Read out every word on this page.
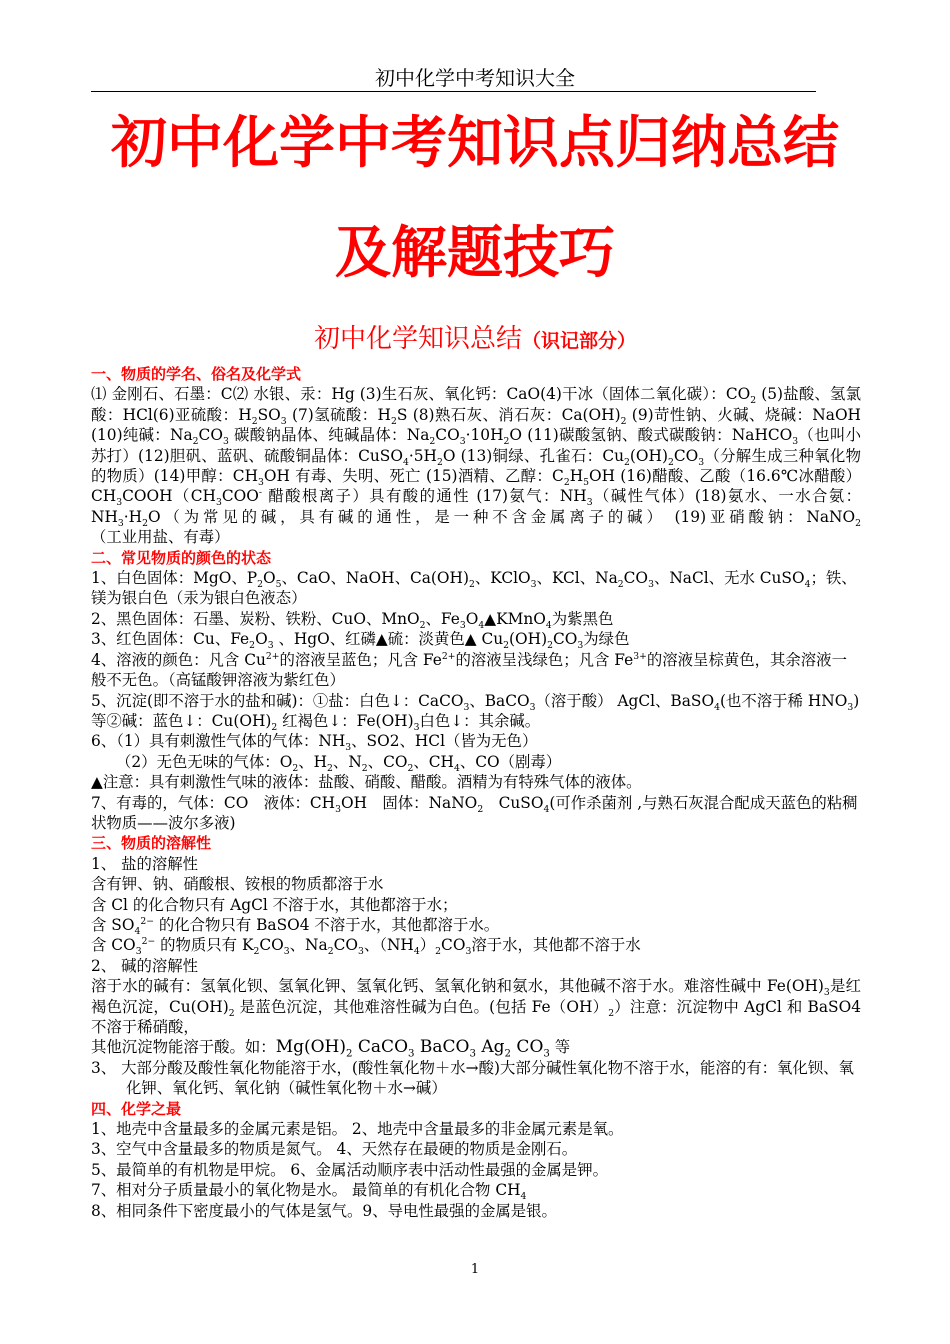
初中化学中考知识大全
初中化学中考知识点归纳总结
及解题技巧
初中化学知识总结（识记部分）

一、物质的学名、俗名及化学式

⑴ 金刚石、石墨：C⑵ 水银、汞：Hg (3)生石灰、氧化钙：CaO(4)干冰（固体二氧化碳）：$CO_2$ (5)盐酸、氢氯酸：HCl(6)亚硫酸：$H_2SO_3$ (7)氢硫酸：$H_2S$ (8)熟石灰、消石灰：$Ca(OH)_2$ (9)苛性钠、火碱、烧碱：NaOH (10)纯碱：$Na_2CO_3$ 碳酸钠晶体、纯碱晶体：$Na_2CO_3\cdot 10H_2O$ (11)碳酸氢钠、酸式碳酸钠：NaHCO$_3$（也叫小苏打）(12)胆矾、蓝矾、硫酸铜晶体：$CuSO_4\cdot 5H_2O$ (13)铜绿、孔雀石：$Cu_2(OH)_2CO_3$（分解生成三种氧化物的物质）(14)甲醇：$CH_3OH$ 有毒、失明、死亡 (15)酒精、乙醇：$C_2H_5OH$ (16)醋酸、乙酸（16.6℃冰醋酸）$CH_3COOH(CH_3COO^-$ 醋酸根离子）具有酸的通性 (17)氨气：$NH_3$（碱性气体）(18)氨水、一水合氨：$NH_3\cdot H_2O$（为常见的碱，具有碱的通性，是一种不含金属离子的碱） (19)亚硝酸钠：NaNO$_2$（工业用盐、有毒）

二、常见物质的颜色的状态

1、白色固体：MgO、$P_2O_5$、CaO、NaOH、$Ca(OH)_2$、KClO$_3$、KCl、$Na_2CO_3$、NaCl、无水 CuSO$_4$；铁、镁为银白色（汞为银白色液态）

2、黑色固体：石墨、炭粉、铁粉、CuO、MnO$_2$、$Fe_3O_4▲KMnO_4$为紫黑色

3、红色固体：Cu、$Fe_2O_3$ 、HgO、红磷▲硫：淡黄色▲ $Cu_2(OH)_2CO_3$为绿色

4、溶液的颜色：凡含 $Cu^{2+}$的溶液呈蓝色；凡含 $Fe^{2+}$的溶液呈浅绿色；凡含 $Fe^{3+}$的溶液呈棕黄色，其余溶液一般不无色。（高锰酸钾溶液为紫红色）

5、沉淀(即不溶于水的盐和碱)：①盐：白色↓：CaCO$_3$、BaCO$_3$（溶于酸） AgCl、BaSO$_4$(也不溶于稀 $HNO_3$) 等②碱：蓝色↓：$Cu(OH)_2$ 红褐色↓：$Fe(OH)_3$白色↓：其余碱。

6、（1）具有刺激性气体的气体：$NH_3$、SO2、HCl（皆为无色）

（2）无色无味的气体：$O_2$、$H_2$、$N_2$、$CO_2$、$CH_4$、CO（剧毒）

▲注意：具有刺激性气味的液体：盐酸、硝酸、醋酸。酒精为有特殊气体的液体。

7、有毒的，气体：CO　液体：$CH_3OH$　固体：NaNO$_2$　CuSO$_4$(可作杀菌剂 ,与熟石灰混合配成天蓝色的粘稠状物质——波尔多液)

三、物质的溶解性

1、 盐的溶解性

含有钾、钠、硝酸根、铵根的物质都溶于水

含 Cl 的化合物只有 AgCl 不溶于水，其他都溶于水；

含 $SO_4^{2-}$ 的化合物只有 BaSO4 不溶于水，其他都溶于水。

含 $CO_3^{2-}$ 的物质只有 $K_2CO_3$、$Na_2CO_3$、$(NH_4)_2CO_3$溶于水，其他都不溶于水

2、 碱的溶解性

溶于水的碱有：氢氧化钡、氢氧化钾、氢氧化钙、氢氧化钠和氨水，其他碱不溶于水。难溶性碱中 $Fe(OH)_3$是红褐色沉淀，$Cu(OH)_2$ 是蓝色沉淀，其他难溶性碱为白色。(包括 $Fe(OH)_2$）注意：沉淀物中 AgCl 和 BaSO4 不溶于稀硝酸，

其他沉淀物能溶于酸。如：$Mg(OH)_2$ CaCO$_3$ BaCO$_3$ $Ag_2$ $CO_3$ 等

3、 大部分酸及酸性氧化物能溶于水，(酸性氧化物＋水→酸)大部分碱性氧化物不溶于水，能溶的有：氧化钡、氧化钾、氧化钙、氧化钠（碱性氧化物＋水→碱）

四、化学之最

1、地壳中含量最多的金属元素是铝。 2、地壳中含量最多的非金属元素是氧。

3、空气中含量最多的物质是氮气。 4、天然存在最硬的物质是金刚石。

5、最简单的有机物是甲烷。 6、金属活动顺序表中活动性最强的金属是钾。

7、相对分子质量最小的氧化物是水。 最简单的有机化合物 $CH_4$

8、相同条件下密度最小的气体是氢气。9、导电性最强的金属是银。

1
